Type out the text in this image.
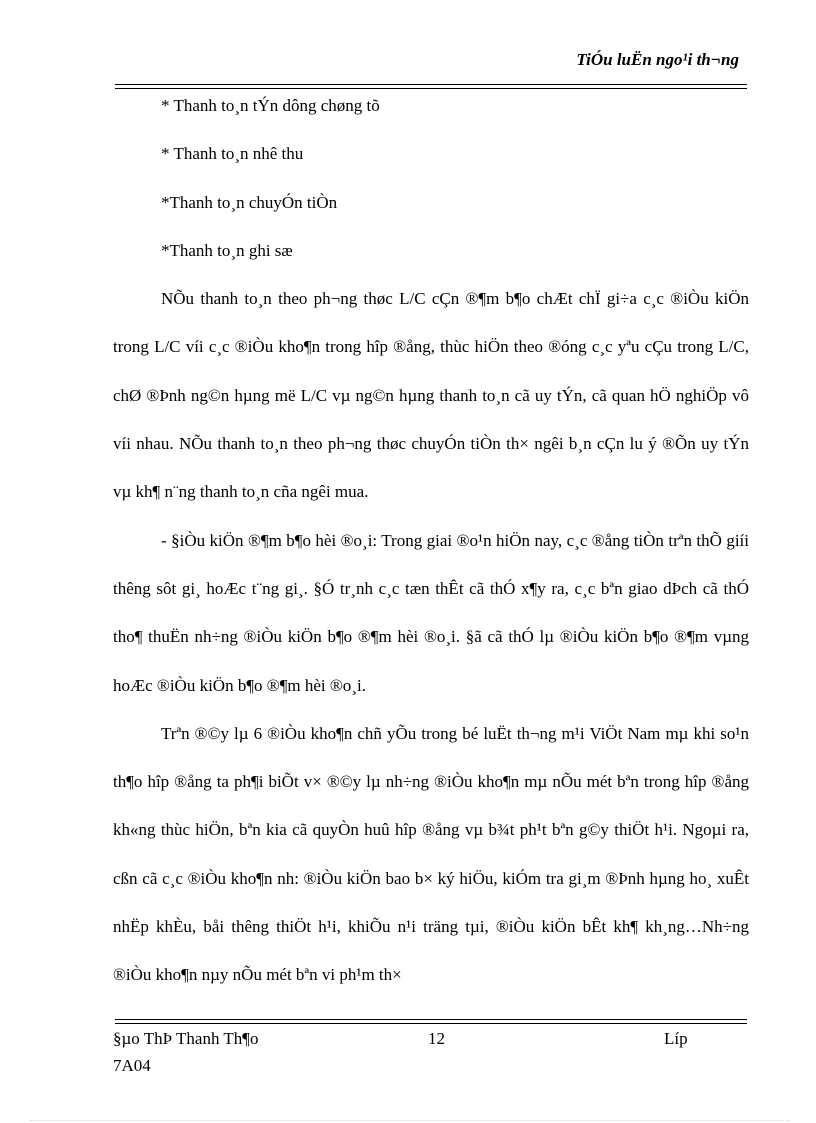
TiÓu luËn ngo¹i th¬ng
* Thanh to¸n tÝn dông chøng tõ
* Thanh to¸n nhê thu
*Thanh to¸n chuyÓn tiÒn
*Thanh to¸n ghi sæ

NÕu thanh to¸n theo ph¬ng thøc L/C cÇn ®¶m b¶o chÆt chÏ gi÷a c¸c ®iÒu kiÖn trong L/C víi c¸c ®iÒu kho¶n trong hîp ®ång, thùc hiÖn theo ®óng c¸c yªu cÇu trong L/C, chØ ®Þnh ng©n hµng më L/C vµ ng©n hµng thanh to¸n cã uy tÝn, cã quan hÖ nghiÖp vô víi nhau. NÕu thanh to¸n theo ph¬ng thøc chuyÓn tiÒn th× ngêi b¸n cÇn lu ý ®Õn uy tÝn vµ kh¶ n¨ng thanh to¸n cña ngêi mua.

- §iÒu kiÖn ®¶m b¶o hèi ®o¸i: Trong giai ®o¹n hiÖn nay, c¸c ®ång tiÒn trªn thÕ giíi thêng sôt gi¸ hoÆc t¨ng gi¸. §Ó tr¸nh c¸c tæn thÊt cã thÓ x¶y ra, c¸c bªn giao dÞch cã thÓ tho¶ thuËn nh÷ng ®iÒu kiÖn b¶o ®¶m hèi ®o¸i. §ã cã thÓ lµ ®iÒu kiÖn b¶o ®¶m vµng hoÆc ®iÒu kiÖn b¶o ®¶m hèi ®o¸i.

Trªn ®©y lµ 6 ®iÒu kho¶n chñ yÕu trong bé luËt th¬ng m¹i ViÖt Nam mµ khi so¹n th¶o hîp ®ång ta ph¶i biÕt v× ®©y lµ nh÷ng ®iÒu kho¶n mµ nÕu mét bªn trong hîp ®ång kh«ng thùc hiÖn, bªn kia cã quyÒn huû hîp ®ång vµ b¾t ph¹t bªn g©y thiÖt h¹i. Ngoµi ra, cßn cã c¸c ®iÒu kho¶n nh: ®iÒu kiÖn bao b× ký hiÖu, kiÓm tra gi¸m ®Þnh hµng ho¸ xuÊt nhËp khÈu, båi thêng thiÖt h¹i, khiÕu n¹i träng tµi, ®iÒu kiÖn bÊt kh¶ kh¸ng…Nh÷ng ®iÒu kho¶n nµy nÕu mét bªn vi ph¹m th×

§µo ThÞ Thanh Th¶o
7A04
12	Líp
